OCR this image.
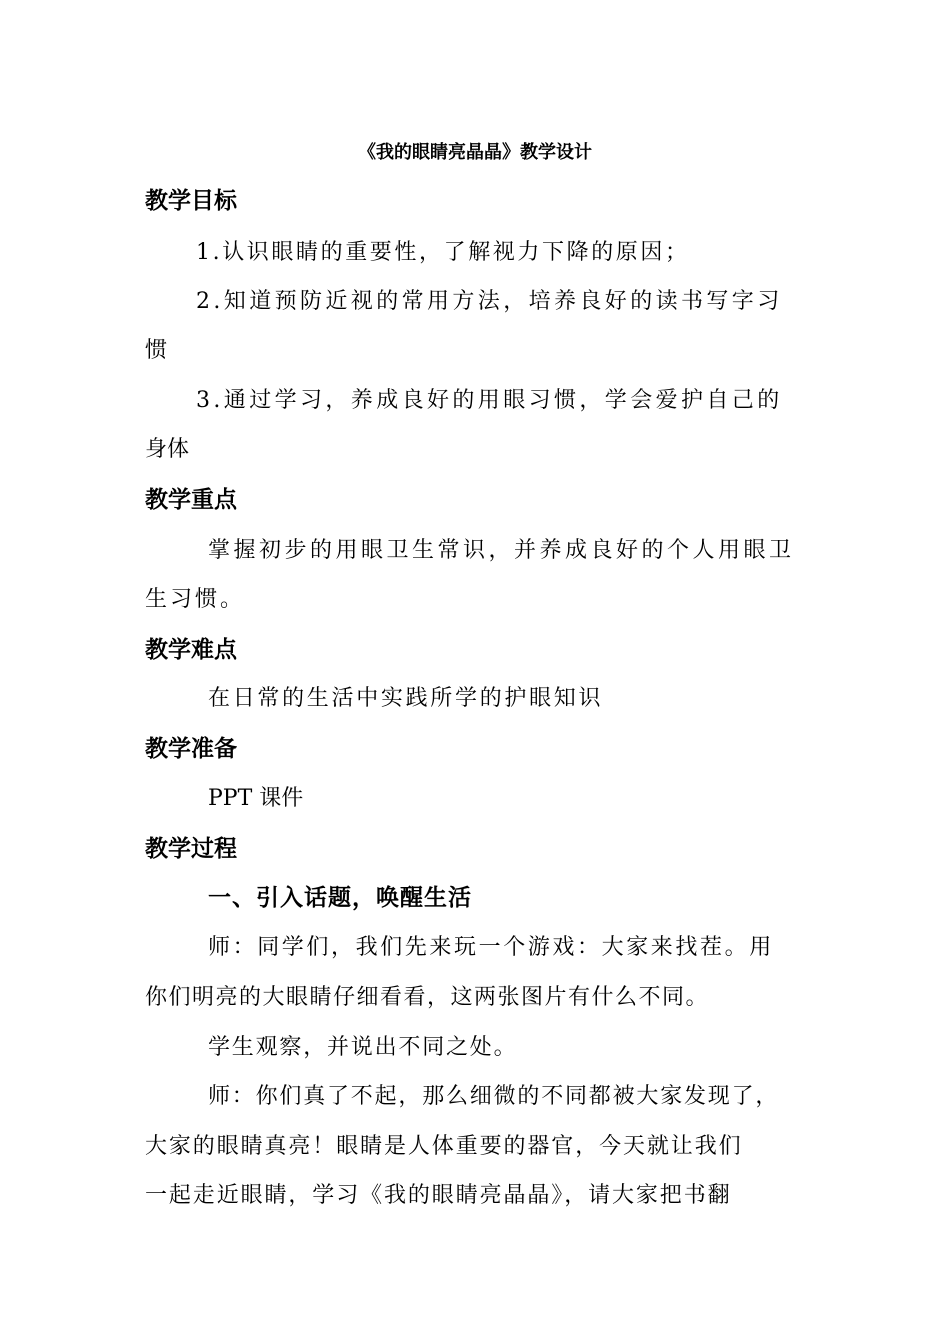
《我的眼睛亮晶晶》教学设计
教学目标
1.认识眼睛的重要性，了解视力下降的原因；
2.知道预防近视的常用方法，培养良好的读书写字习
惯
3.通过学习，养成良好的用眼习惯，学会爱护自己的
身体
教学重点
掌握初步的用眼卫生常识，并养成良好的个人用眼卫
生习惯。
教学难点
在日常的生活中实践所学的护眼知识
教学准备
PPT 课件
教学过程
一、引入话题，唤醒生活
师：同学们，我们先来玩一个游戏：大家来找茬。用
你们明亮的大眼睛仔细看看，这两张图片有什么不同。
学生观察，并说出不同之处。
师：你们真了不起，那么细微的不同都被大家发现了，
大家的眼睛真亮！眼睛是人体重要的器官，今天就让我们
一起走近眼睛，学习《我的眼睛亮晶晶》，请大家把书翻
